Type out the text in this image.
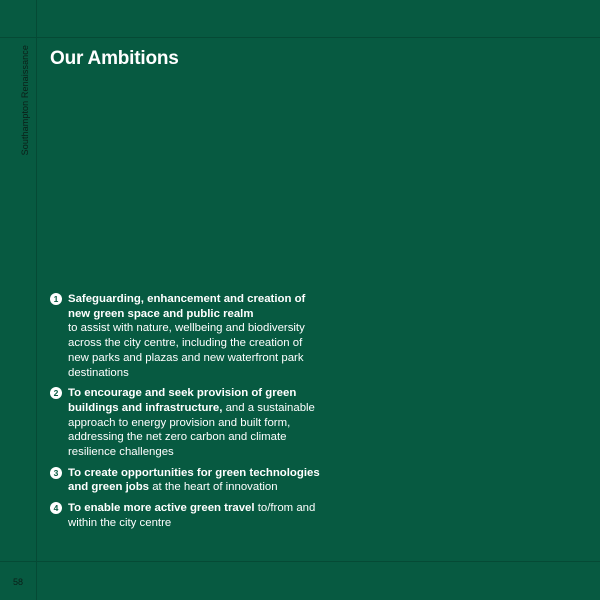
Southampton Renaissance Our Ambitions
1 Safeguarding, enhancement and creation of new green space and public realm
to assist with nature, wellbeing and biodiversity across the city centre, including the creation of new parks and plazas and new waterfront park destinations
2 To encourage and seek provision of green buildings and infrastructure, and a sustainable approach to energy provision and built form, addressing the net zero carbon and climate resilience challenges
3 To create opportunities for green technologies and green jobs at the heart of innovation
4 To enable more active green travel to/from and within the city centre
58
